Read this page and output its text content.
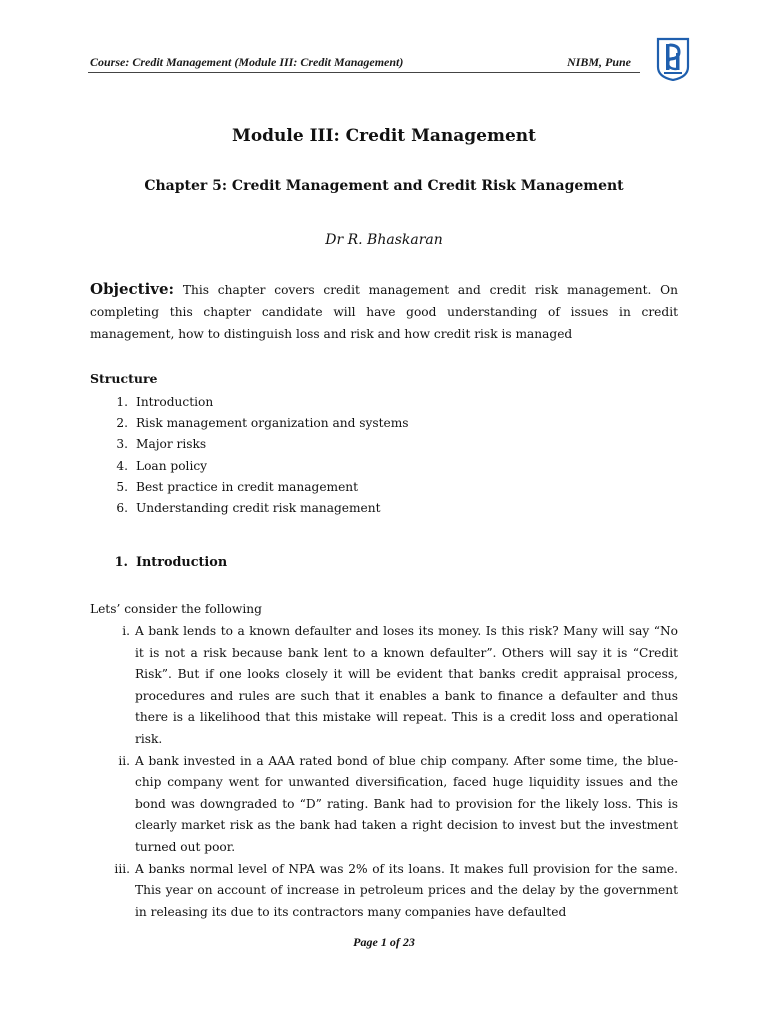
Course: Credit Management (Module III: Credit Management)	NIBM, Pune
Module III: Credit Management
Chapter 5: Credit Management and Credit Risk Management
Dr R. Bhaskaran
Objective: This chapter covers credit management and credit risk management. On completing this chapter candidate will have good understanding of issues in credit management, how to distinguish loss and risk and how credit risk is managed
Structure
1. Introduction
2. Risk management organization and systems
3. Major risks
4. Loan policy
5. Best practice in credit management
6. Understanding credit risk management
1. Introduction
Lets’ consider the following
i. A bank lends to a known defaulter and loses its money. Is this risk? Many will say “No it is not a risk because bank lent to a known defaulter”. Others will say it is “Credit Risk”. But if one looks closely it will be evident that banks credit appraisal process, procedures and rules are such that it enables a bank to finance a defaulter and thus there is a likelihood that this mistake will repeat. This is a credit loss and operational risk.
ii. A bank invested in a AAA rated bond of blue chip company. After some time, the blue-chip company went for unwanted diversification, faced huge liquidity issues and the bond was downgraded to “D” rating. Bank had to provision for the likely loss. This is clearly market risk as the bank had taken a right decision to invest but the investment turned out poor.
iii. A banks normal level of NPA was 2% of its loans. It makes full provision for the same. This year on account of increase in petroleum prices and the delay by the government in releasing its due to its contractors many companies have defaulted
Page 1 of 23
